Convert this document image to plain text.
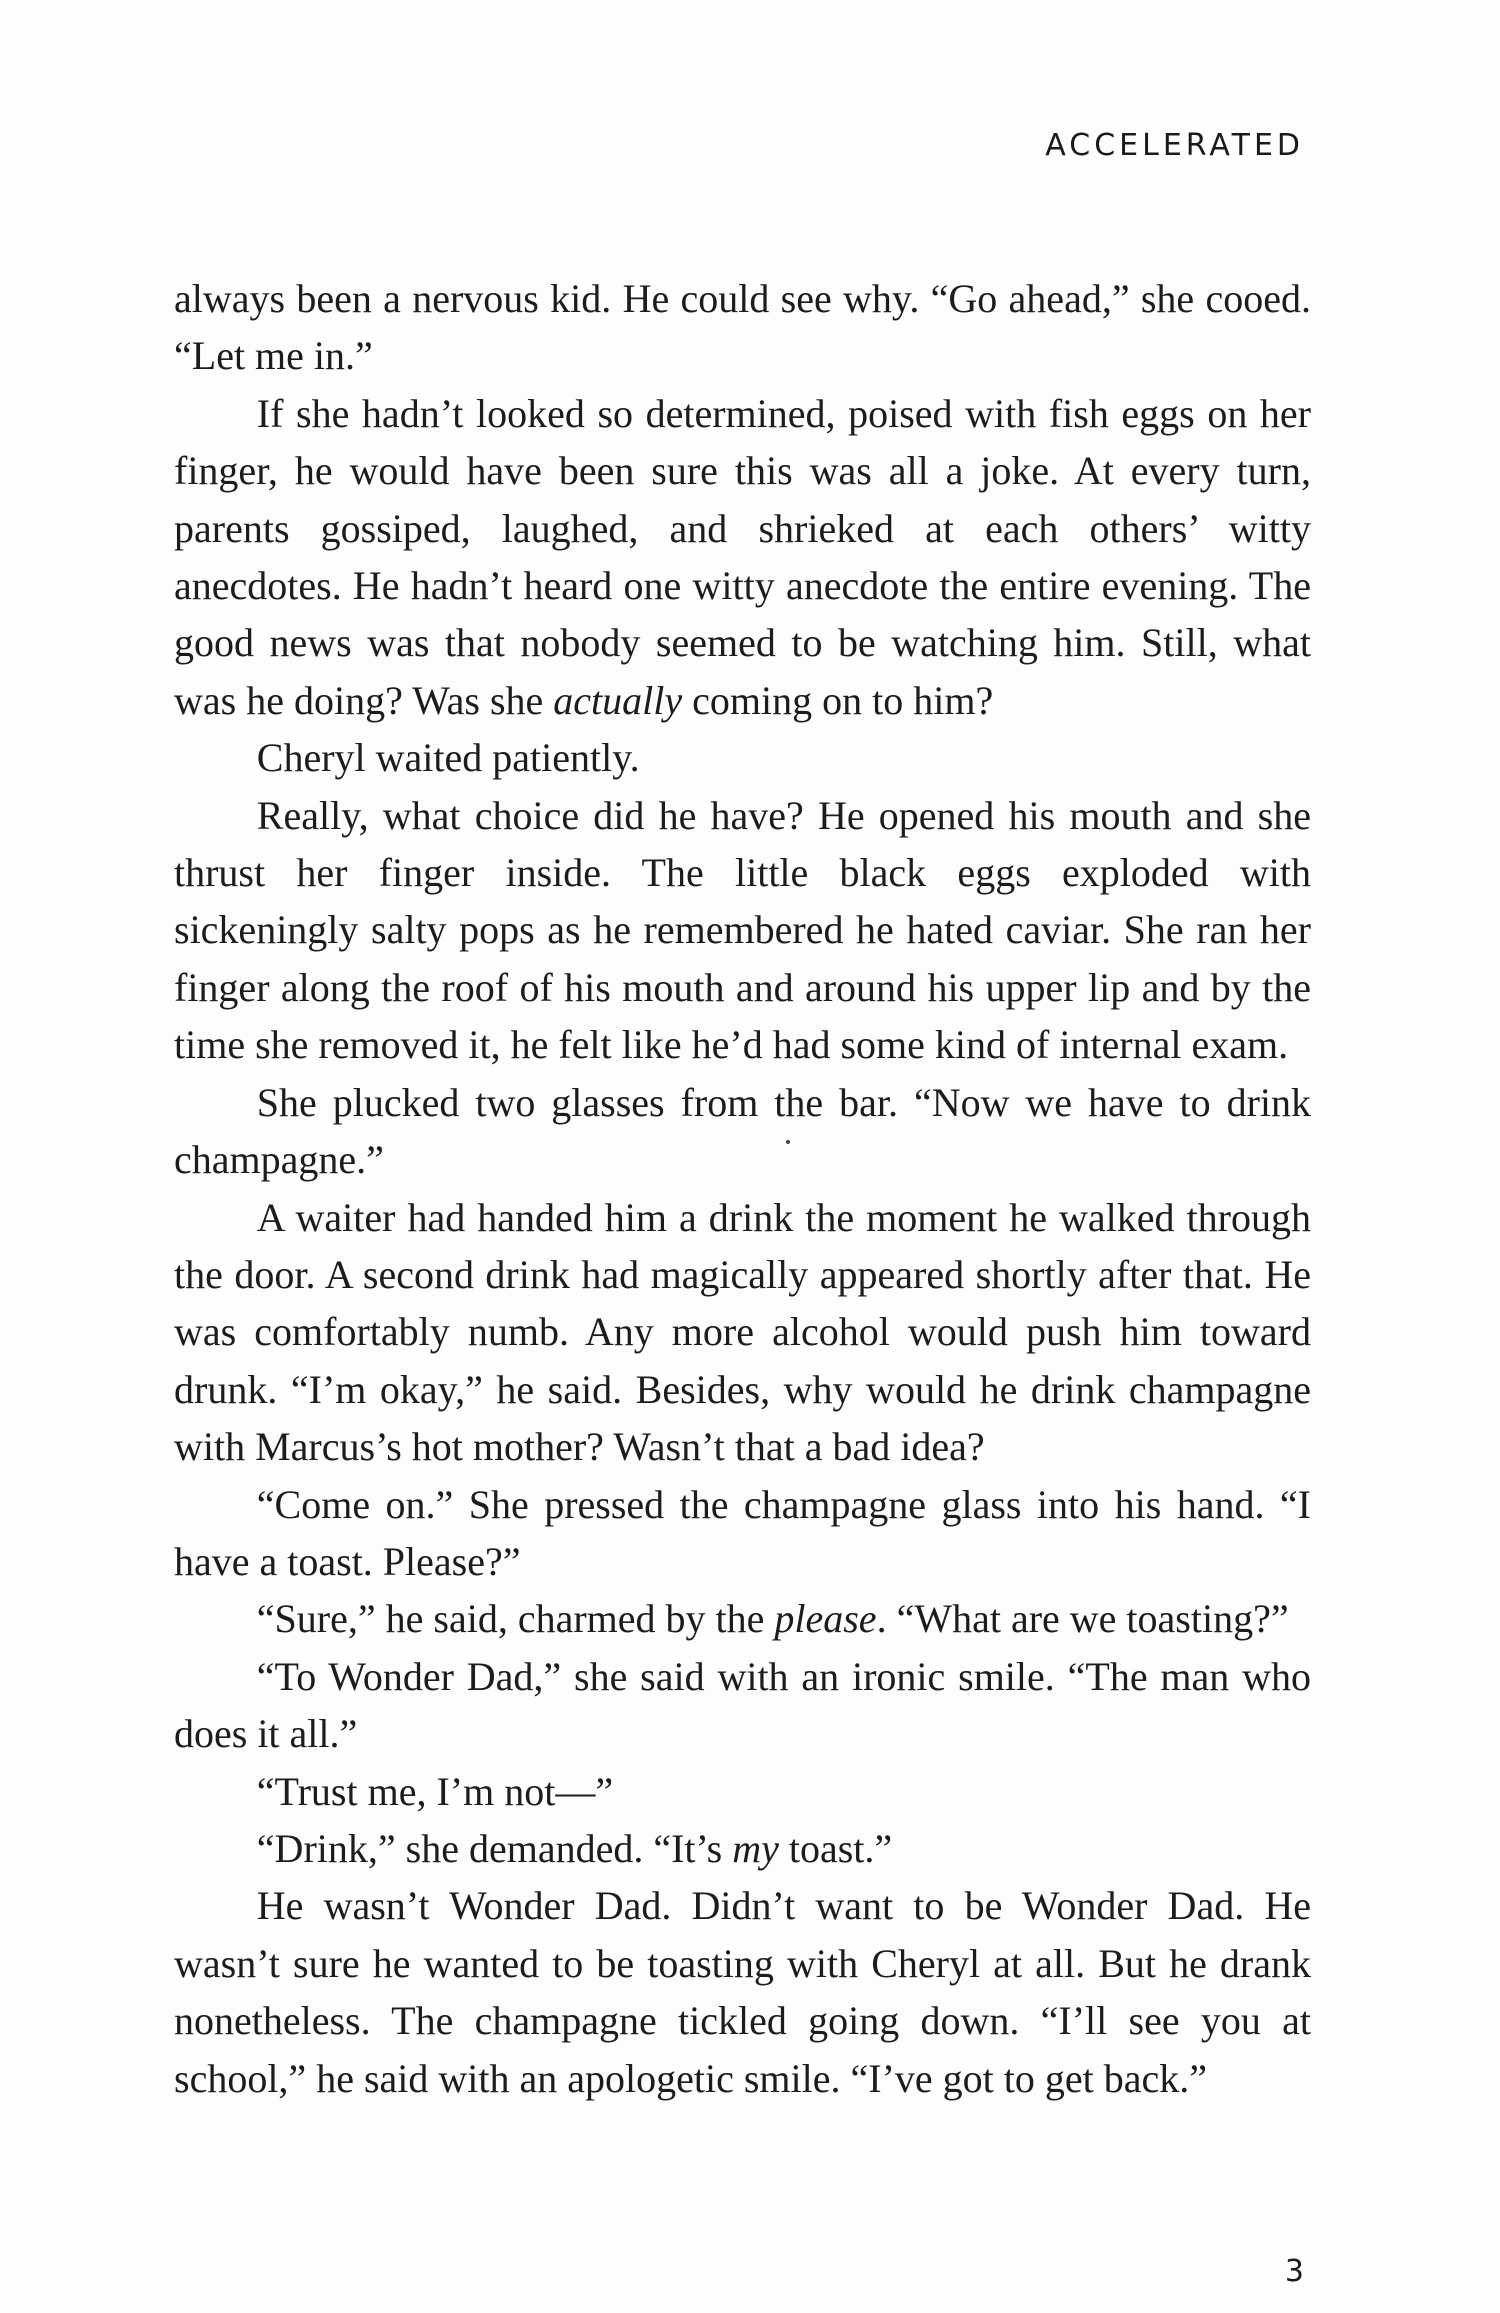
ACCELERATED

always been a nervous kid. He could see why. “Go ahead,” she cooed. “Let me in.”

If she hadn’t looked so determined, poised with fish eggs on her finger, he would have been sure this was all a joke. At every turn, parents gossiped, laughed, and shrieked at each others’ witty anecdotes. He hadn’t heard one witty anecdote the entire evening. The good news was that nobody seemed to be watching him. Still, what was he doing? Was she actually coming on to him?

Cheryl waited patiently.

Really, what choice did he have? He opened his mouth and she thrust her finger inside. The little black eggs exploded with sickeningly salty pops as he remembered he hated caviar. She ran her finger along the roof of his mouth and around his upper lip and by the time she removed it, he felt like he’d had some kind of internal exam.

She plucked two glasses from the bar. “Now we have to drink champagne.”

A waiter had handed him a drink the moment he walked through the door. A second drink had magically appeared shortly after that. He was comfortably numb. Any more alcohol would push him toward drunk. “I’m okay,” he said. Besides, why would he drink champagne with Marcus’s hot mother? Wasn’t that a bad idea?

“Come on.” She pressed the champagne glass into his hand. “I have a toast. Please?”

“Sure,” he said, charmed by the please. “What are we toasting?”

“To Wonder Dad,” she said with an ironic smile. “The man who does it all.”

“Trust me, I’m not—”

“Drink,” she demanded. “It’s my toast.”

He wasn’t Wonder Dad. Didn’t want to be Wonder Dad. He wasn’t sure he wanted to be toasting with Cheryl at all. But he drank nonetheless. The champagne tickled going down. “I’ll see you at school,” he said with an apologetic smile. “I’ve got to get back.”

3
